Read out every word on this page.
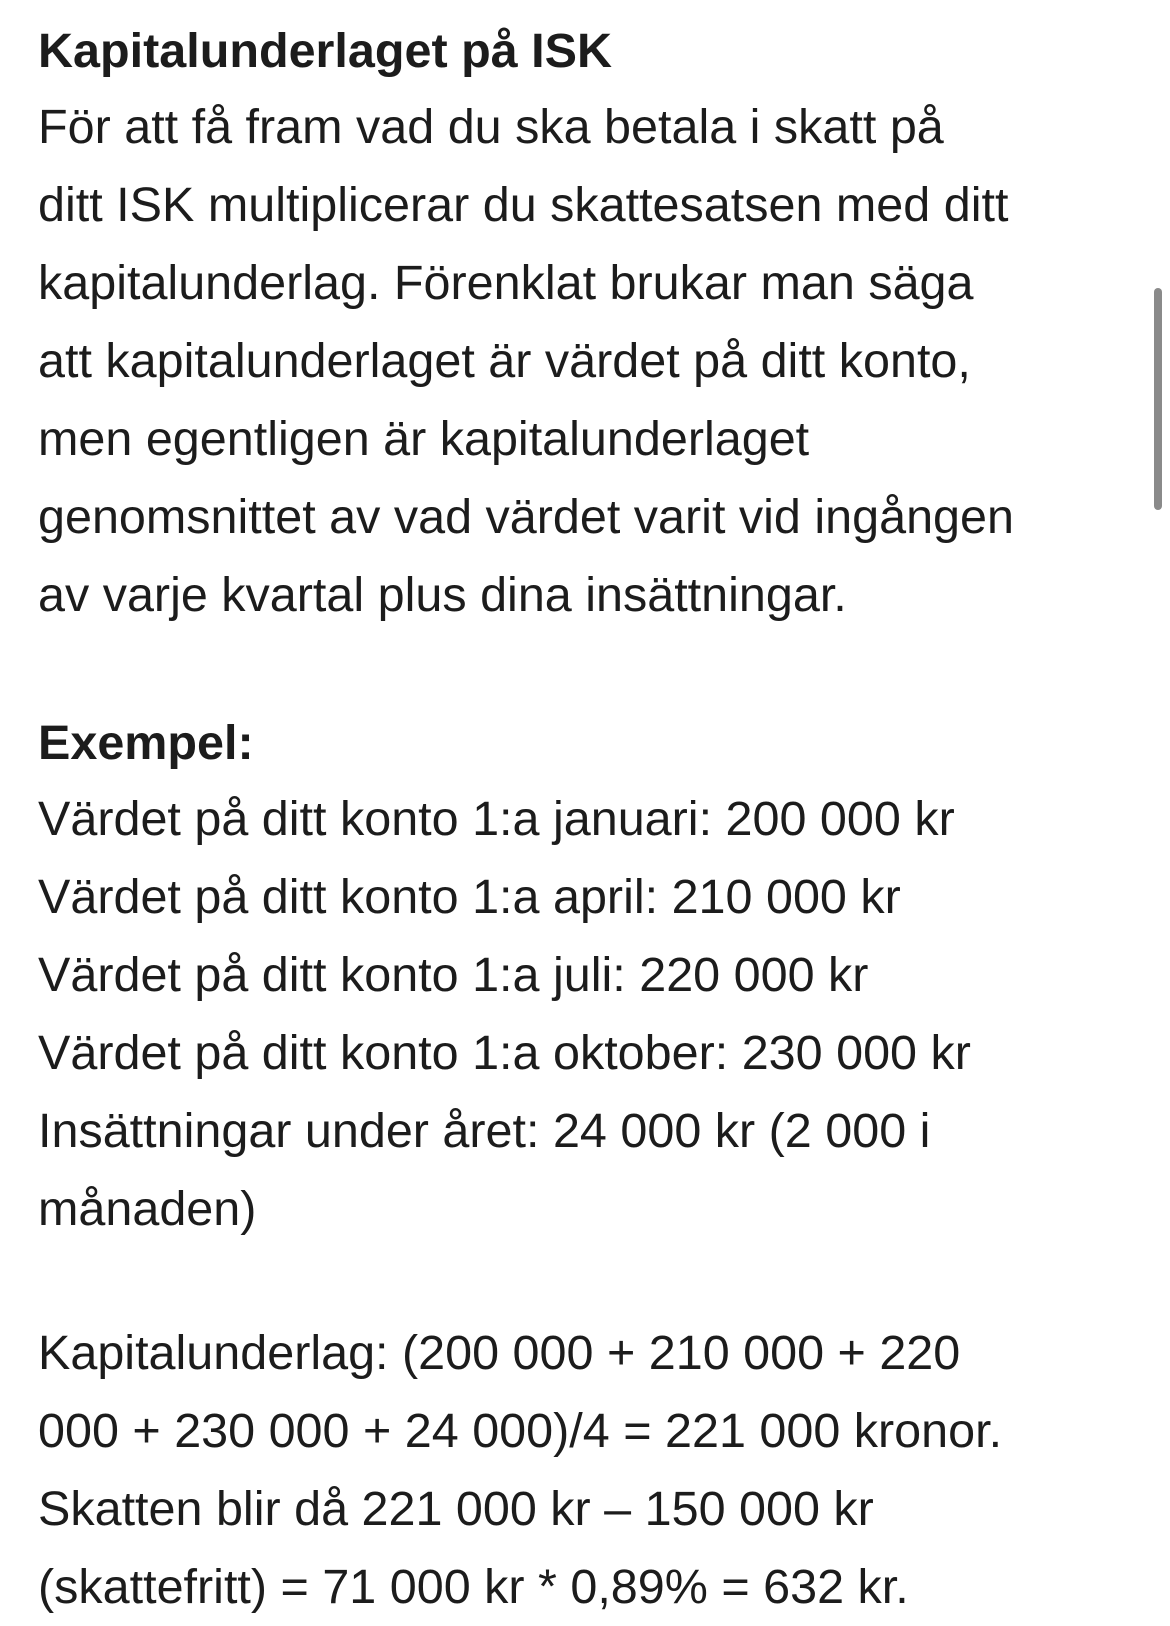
Kapitalunderlaget på ISK
För att få fram vad du ska betala i skatt på
ditt ISK multiplicerar du skattesatsen med ditt
kapitalunderlag. Förenklat brukar man säga
att kapitalunderlaget är värdet på ditt konto,
men egentligen är kapitalunderlaget
genomsnittet av vad värdet varit vid ingången
av varje kvartal plus dina insättningar.
Exempel:
Värdet på ditt konto 1:a januari: 200 000 kr
Värdet på ditt konto 1:a april: 210 000 kr
Värdet på ditt konto 1:a juli: 220 000 kr
Värdet på ditt konto 1:a oktober: 230 000 kr
Insättningar under året: 24 000 kr (2 000 i
månaden)
Kapitalunderlag: (200 000 + 210 000 + 220
000 + 230 000 + 24 000)/4 = 221 000 kronor.
Skatten blir då 221 000 kr – 150 000 kr
(skattefritt) = 71 000 kr * 0,89% = 632 kr.
